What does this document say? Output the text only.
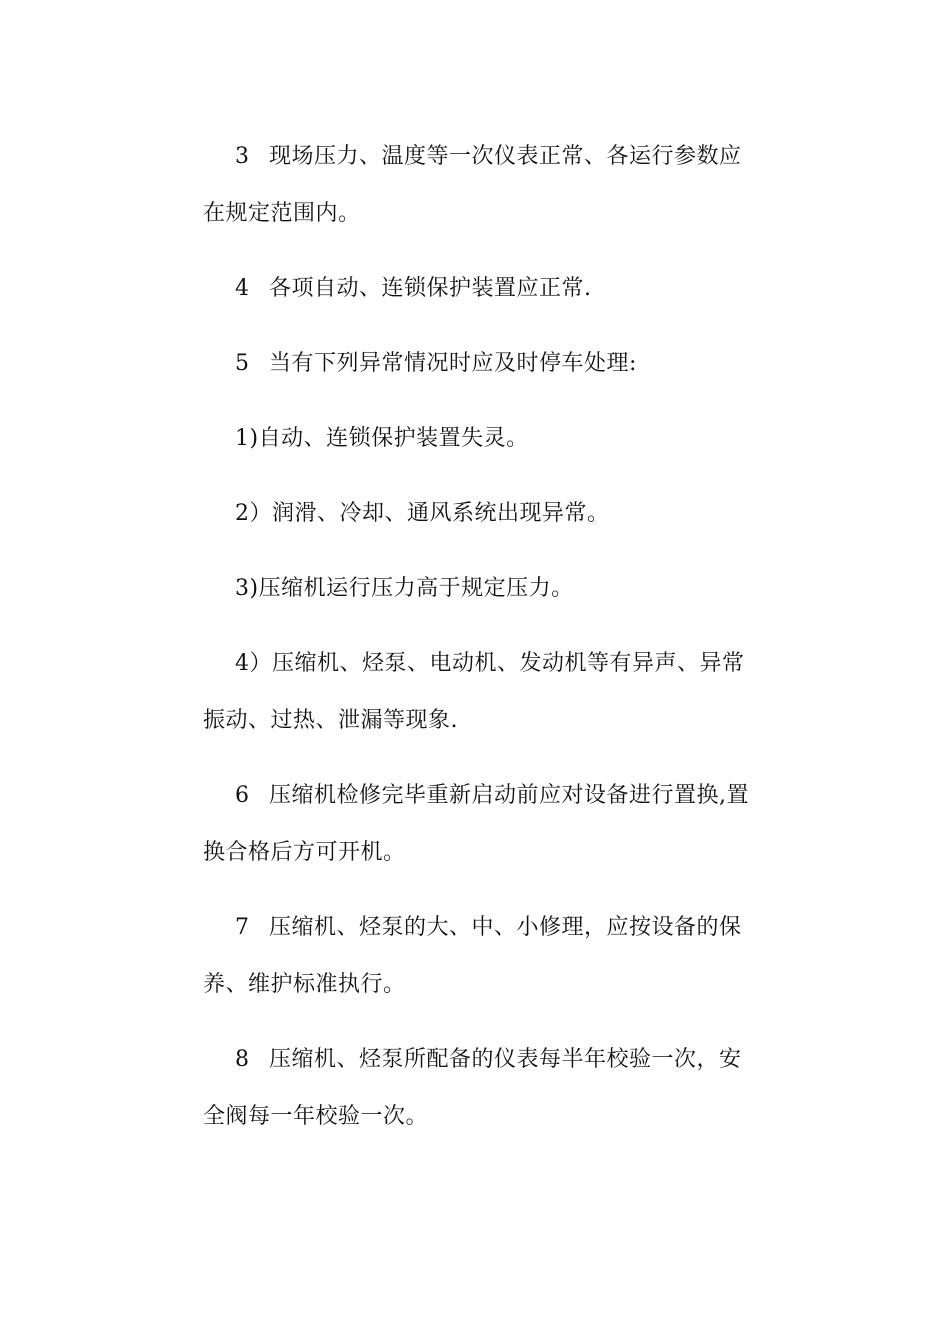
3 现场压力、温度等一次仪表正常、各运行参数应
在规定范围内。

4 各项自动、连锁保护装置应正常.

5 当有下列异常情况时应及时停车处理:

1)自动、连锁保护装置失灵。

2）润滑、冷却、通风系统出现异常。

3)压缩机运行压力高于规定压力。

4）压缩机、烃泵、电动机、发动机等有异声、异常
振动、过热、泄漏等现象.

6 压缩机检修完毕重新启动前应对设备进行置换,置
换合格后方可开机。

7 压缩机、烃泵的大、中、小修理，应按设备的保
养、维护标准执行。

8 压缩机、烃泵所配备的仪表每半年校验一次，安
全阀每一年校验一次。
